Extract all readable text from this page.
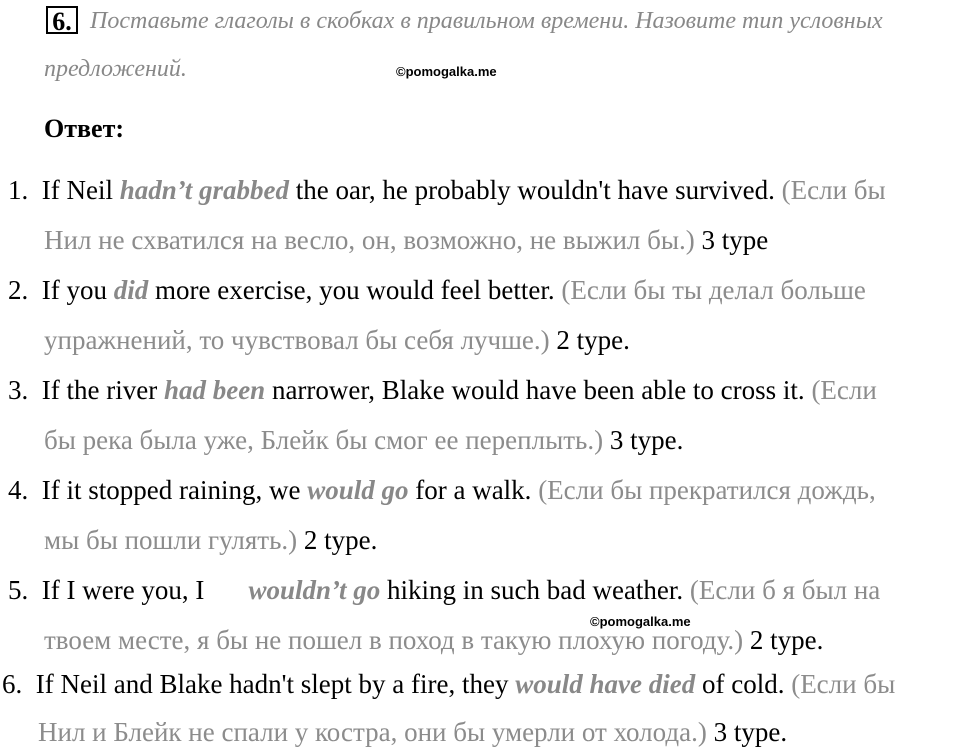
6. Поставьте глаголы в скобках в правильном времени. Назовите тип условных
предложений.	©pomogalka.me
Ответ:
1. If Neil hadn’t grabbed the oar, he probably wouldn't have survived. (Если бы
Нил не схватился на весло, он, возможно, не выжил бы.) 3 type
2. If you did more exercise, you would feel better. (Если бы ты делал больше
упражнений, то чувствовал бы себя лучше.) 2 type.
3. If the river had been narrower, Blake would have been able to cross it. (Если
бы река была уже, Блейк бы смог ее переплыть.) 3 type.
4. If it stopped raining, we would go for a walk. (Если бы прекратился дождь,
мы бы пошли гулять.) 2 type.
5. If I were you, I wouldn’t go hiking in such bad weather. (Если б я был на
©pomogalka.me
твоем месте, я бы не пошел в поход в такую плохую погоду.) 2 type.
6. If Neil and Blake hadn't slept by a fire, they would have died of cold. (Если бы
Нил и Блейк не спали у костра, они бы умерли от холода.) 3 type.
